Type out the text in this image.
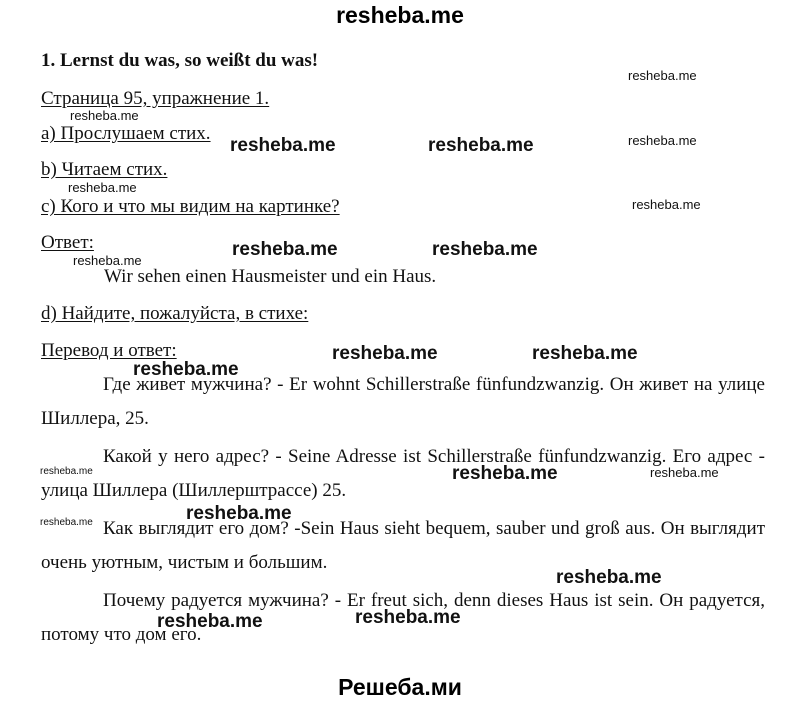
resheba.me
1. Lernst du was, so weißt du was!
Страница 95, упражнение 1.
a) Прослушаем стих.
b) Читаем стих.
c) Кого и что мы видим на картинке?
Ответ:
Wir sehen einen Hausmeister und ein Haus.
d) Найдите, пожалуйста, в стихе:
Перевод и ответ:
Где живет мужчина? - Er wohnt Schillerstraße fünfundzwanzig. Он живет на улице Шиллера, 25.
Какой у него адрес? - Seine Adresse ist Schillerstraße fünfundzwanzig. Его адрес - улица Шиллера (Шиллерштрассе) 25.
Как выглядит его дом? -Sein Haus sieht bequem, sauber und groß aus. Он выглядит очень уютным, чистым и большим.
Почему радуется мужчина? - Er freut sich, denn dieses Haus ist sein. Он радуется, потому что дом его.
resheba.me
resheba.me
resheba.me	resheba.me	resheba.me
resheba.me
resheba.me
resheba.me	resheba.me
resheba.me
resheba.me	resheba.me
resheba.me
resheba.me	resheba.me	resheba.me
resheba.me
resheba.me
resheba.me
resheba.me	resheba.me
Решеба.ми
